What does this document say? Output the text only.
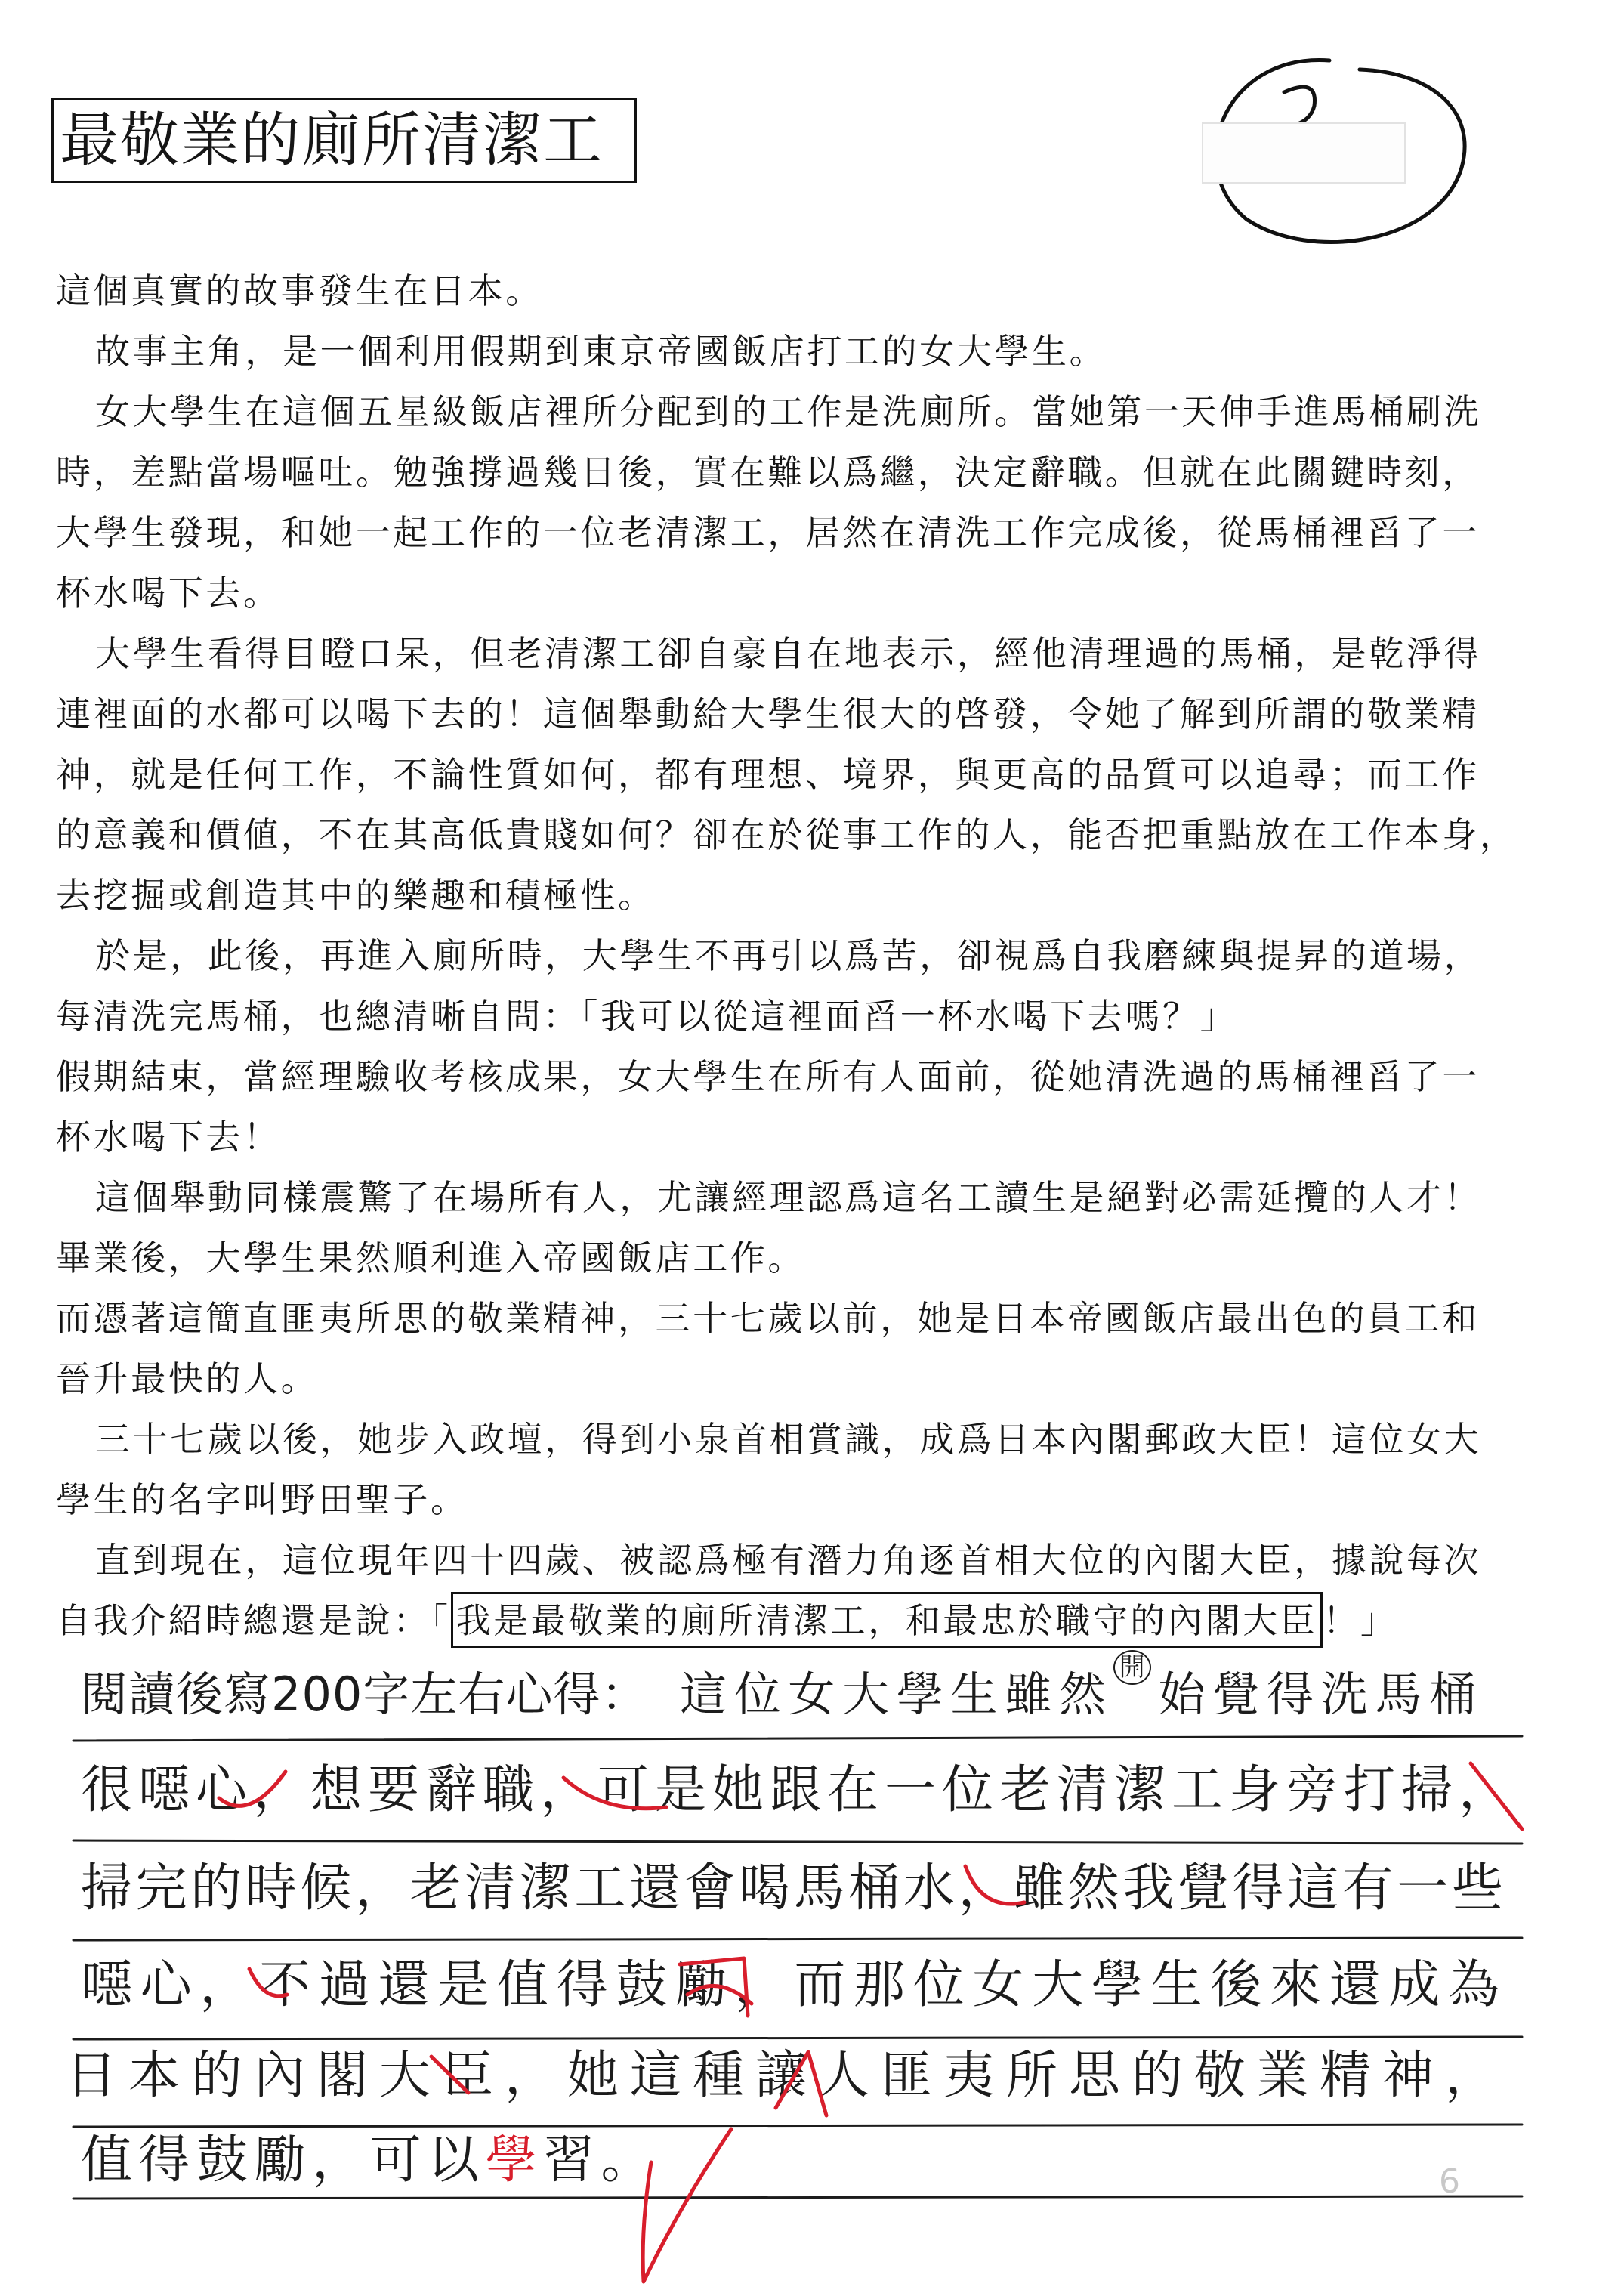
最敬業的廁所清潔工
這個真實的故事發生在日本。
故事主角，是一個利用假期到東京帝國飯店打工的女大學生。
女大學生在這個五星級飯店裡所分配到的工作是洗廁所。當她第一天伸手進馬桶刷洗
時，差點當場嘔吐。勉強撐過幾日後，實在難以爲繼，決定辭職。但就在此關鍵時刻，
大學生發現，和她一起工作的一位老清潔工，居然在清洗工作完成後，從馬桶裡舀了一
杯水喝下去。
大學生看得目瞪口呆，但老清潔工卻自豪自在地表示，經他清理過的馬桶，是乾淨得
連裡面的水都可以喝下去的！這個舉動給大學生很大的啓發，令她了解到所謂的敬業精
神，就是任何工作，不論性質如何，都有理想、境界，與更高的品質可以追尋；而工作
的意義和價値，不在其高低貴賤如何？卻在於從事工作的人，能否把重點放在工作本身，
去挖掘或創造其中的樂趣和積極性。
於是，此後，再進入廁所時，大學生不再引以爲苦，卻視爲自我磨練與提昇的道場，
每清洗完馬桶，也總清晰自問：「我可以從這裡面舀一杯水喝下去嗎？」
假期結束，當經理驗收考核成果，女大學生在所有人面前，從她清洗過的馬桶裡舀了一
杯水喝下去！
這個舉動同樣震驚了在場所有人，尤讓經理認爲這名工讀生是絕對必需延攬的人才！
畢業後，大學生果然順利進入帝國飯店工作。
而憑著這簡直匪夷所思的敬業精神，三十七歲以前，她是日本帝國飯店最出色的員工和
晉升最快的人。
三十七歲以後，她步入政壇，得到小泉首相賞識，成爲日本內閣郵政大臣！這位女大
學生的名字叫野田聖子。
直到現在，這位現年四十四歲、被認爲極有潛力角逐首相大位的內閣大臣，據說每次
自我介紹時總還是說：「 我是最敬業的廁所清潔工，和最忠於職守的內閣大臣 ！」
閱讀後寫200字左右心得： 這位女大學生雖然 開 始覺得洗馬桶
很噁心，想要辭職，可是她跟在一位老清潔工身旁打掃，
掃完的時候，老清潔工還會喝馬桶水，雖然我覺得這有一些
噁心，不過還是值得鼓勵，而那位女大學生後來還成為
日本的內閣大臣，她這種讓人匪夷所思的敬業精神，
值得鼓勵，可以學習。	6
